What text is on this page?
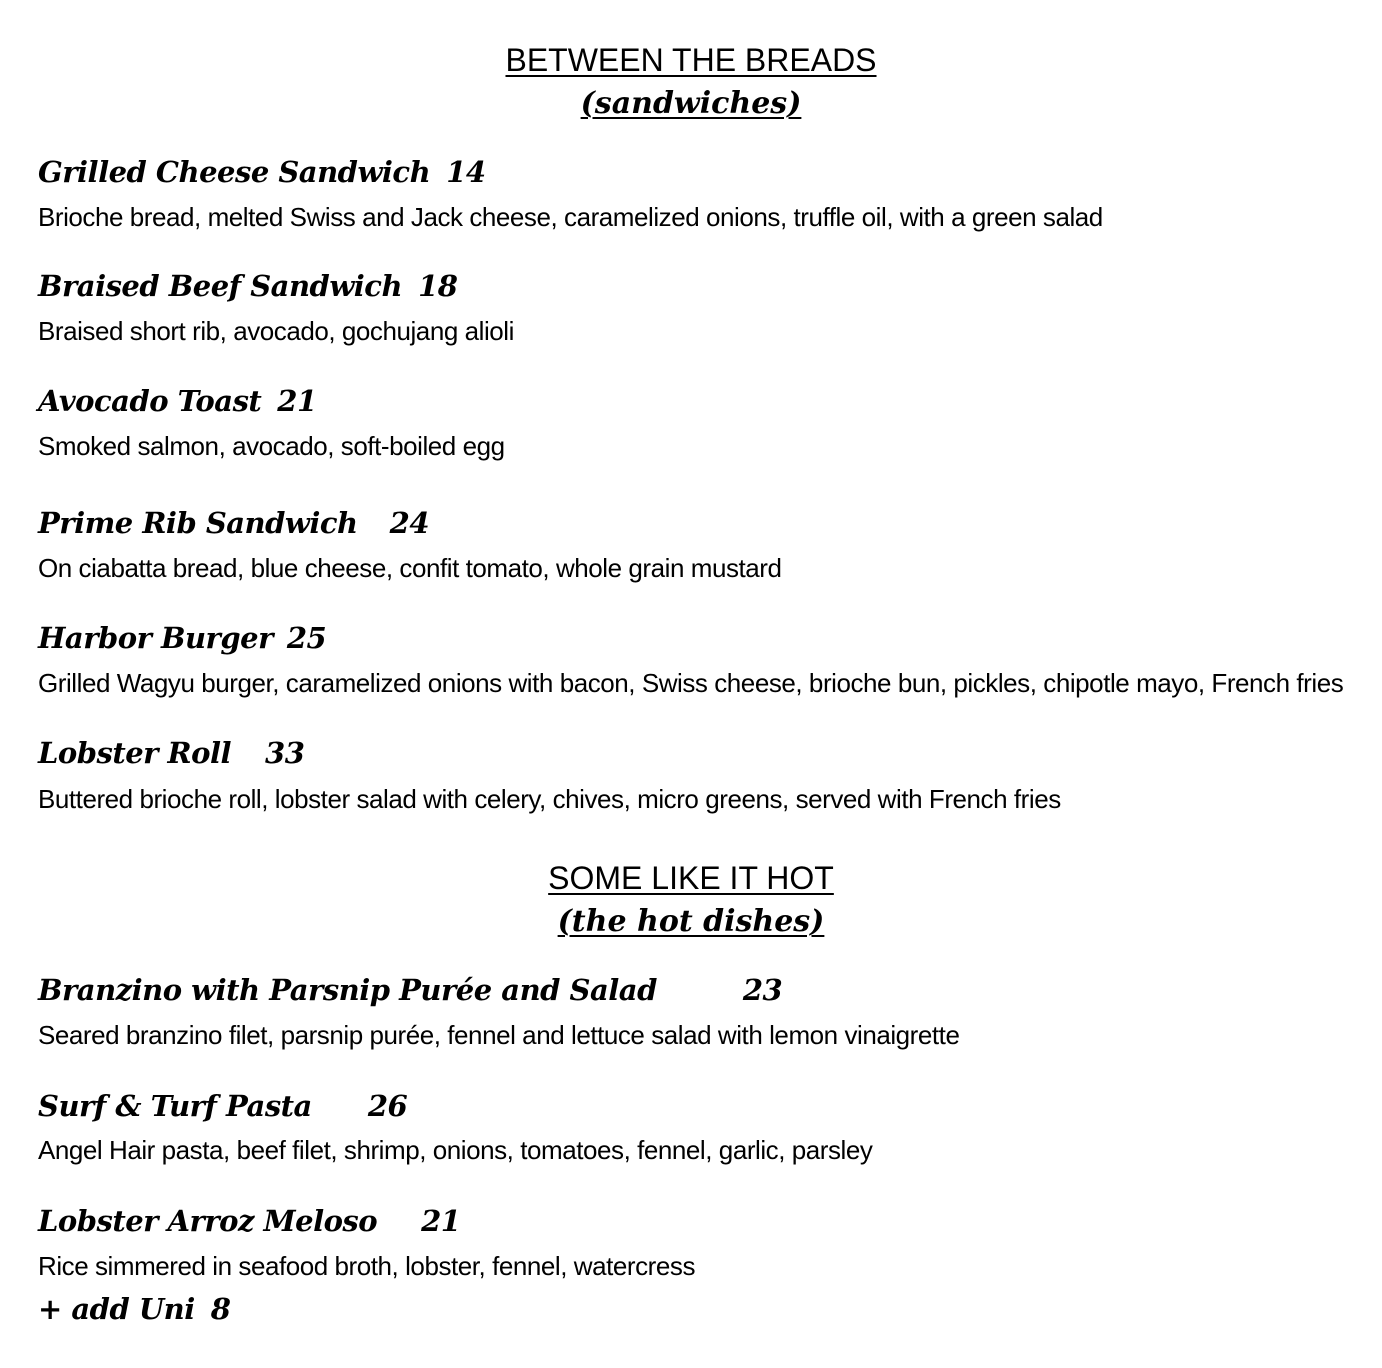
BETWEEN THE BREADS
(sandwiches)
Grilled Cheese Sandwich 14
Brioche bread, melted Swiss and Jack cheese, caramelized onions, truffle oil, with a green salad
Braised Beef Sandwich 18
Braised short rib, avocado, gochujang alioli
Avocado Toast 21
Smoked salmon, avocado, soft-boiled egg
Prime Rib Sandwich 24
On ciabatta bread, blue cheese, confit tomato, whole grain mustard
Harbor Burger 25
Grilled Wagyu burger, caramelized onions with bacon, Swiss cheese, brioche bun, pickles, chipotle mayo, French fries
Lobster Roll 33
Buttered brioche roll, lobster salad with celery, chives, micro greens, served with French fries
SOME LIKE IT HOT
(the hot dishes)
Branzino with Parsnip Purée and Salad	23
Seared branzino filet, parsnip purée, fennel and lettuce salad with lemon vinaigrette
Surf & Turf Pasta 26
Angel Hair pasta, beef filet, shrimp, onions, tomatoes, fennel, garlic, parsley
Lobster Arroz Meloso 21
Rice simmered in seafood broth, lobster, fennel, watercress
+ add Uni 8
